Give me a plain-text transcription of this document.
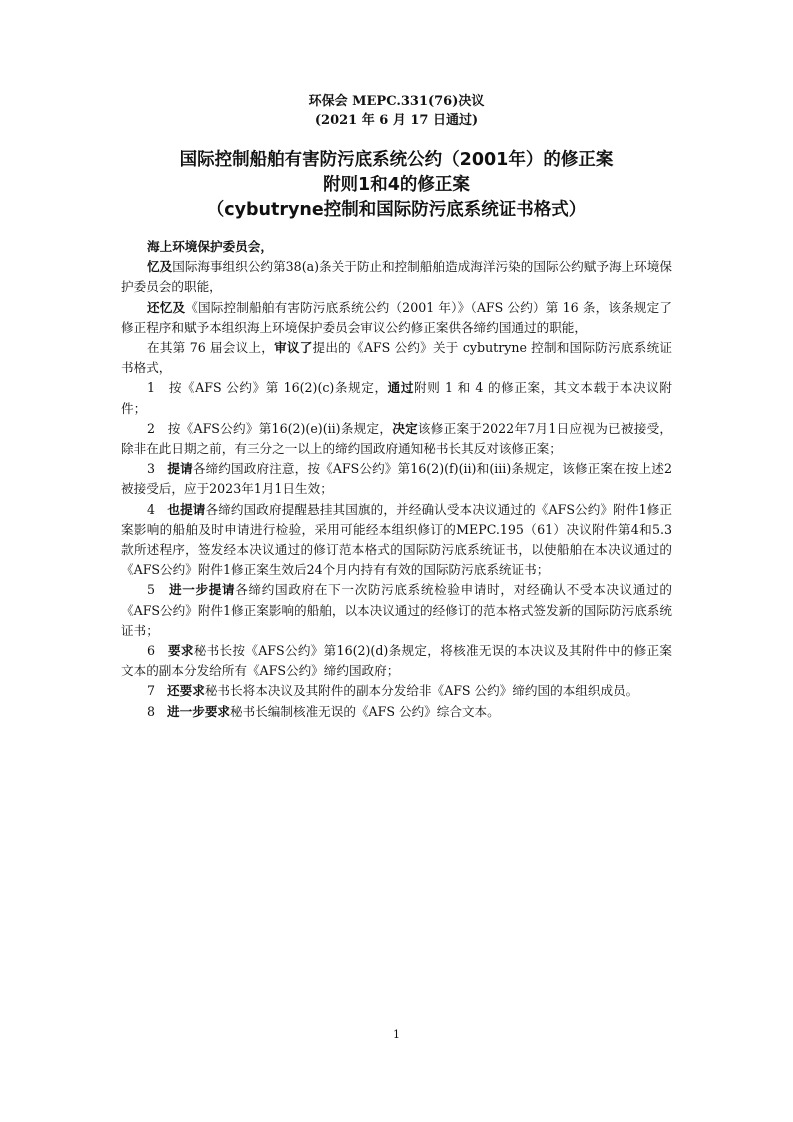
环保会 MEPC.331(76)决议
(2021 年 6 月 17 日通过)
国际控制船舶有害防污底系统公约（2001年）的修正案
附则1和4的修正案
（cybutryne控制和国际防污底系统证书格式）

海上环境保护委员会，

忆及国际海事组织公约第38(a)条关于防止和控制船舶造成海洋污染的国际公约赋予海上环境保护委员会的职能，

还忆及《国际控制船舶有害防污底系统公约（2001 年）》（AFS 公约）第 16 条，该条规定了修正程序和赋予本组织海上环境保护委员会审议公约修正案供各缔约国通过的职能，

在其第 76 届会议上，审议了提出的《AFS 公约》关于 cybutryne 控制和国际防污底系统证书格式，

1 按《AFS 公约》第 16(2)(c)条规定，通过附则 1 和 4 的修正案，其文本载于本决议附件；

2 按《AFS公约》第16(2)(e)(ii)条规定，决定该修正案于2022年7月1日应视为已被接受，除非在此日期之前，有三分之一以上的缔约国政府通知秘书长其反对该修正案；

3 提请各缔约国政府注意，按《AFS公约》第16(2)(f)(ii)和(iii)条规定，该修正案在按上述2被接受后，应于2023年1月1日生效；

4 也提请各缔约国政府提醒悬挂其国旗的，并经确认受本决议通过的《AFS公约》附件1修正案影响的船舶及时申请进行检验，采用可能经本组织修订的MEPC.195（61）决议附件第4和5.3款所述程序，签发经本决议通过的修订范本格式的国际防污底系统证书，以使船舶在本决议通过的《AFS公约》附件1修正案生效后24个月内持有有效的国际防污底系统证书；

5 进一步提请各缔约国政府在下一次防污底系统检验申请时，对经确认不受本决议通过的《AFS公约》附件1修正案影响的船舶，以本决议通过的经修订的范本格式签发新的国际防污底系统证书；

6 要求秘书长按《AFS公约》第16(2)(d)条规定，将核准无误的本决议及其附件中的修正案文本的副本分发给所有《AFS公约》缔约国政府；

7 还要求秘书长将本决议及其附件的副本分发给非《AFS 公约》缔约国的本组织成员。

8 进一步要求秘书长编制核准无误的《AFS 公约》综合文本。

1
